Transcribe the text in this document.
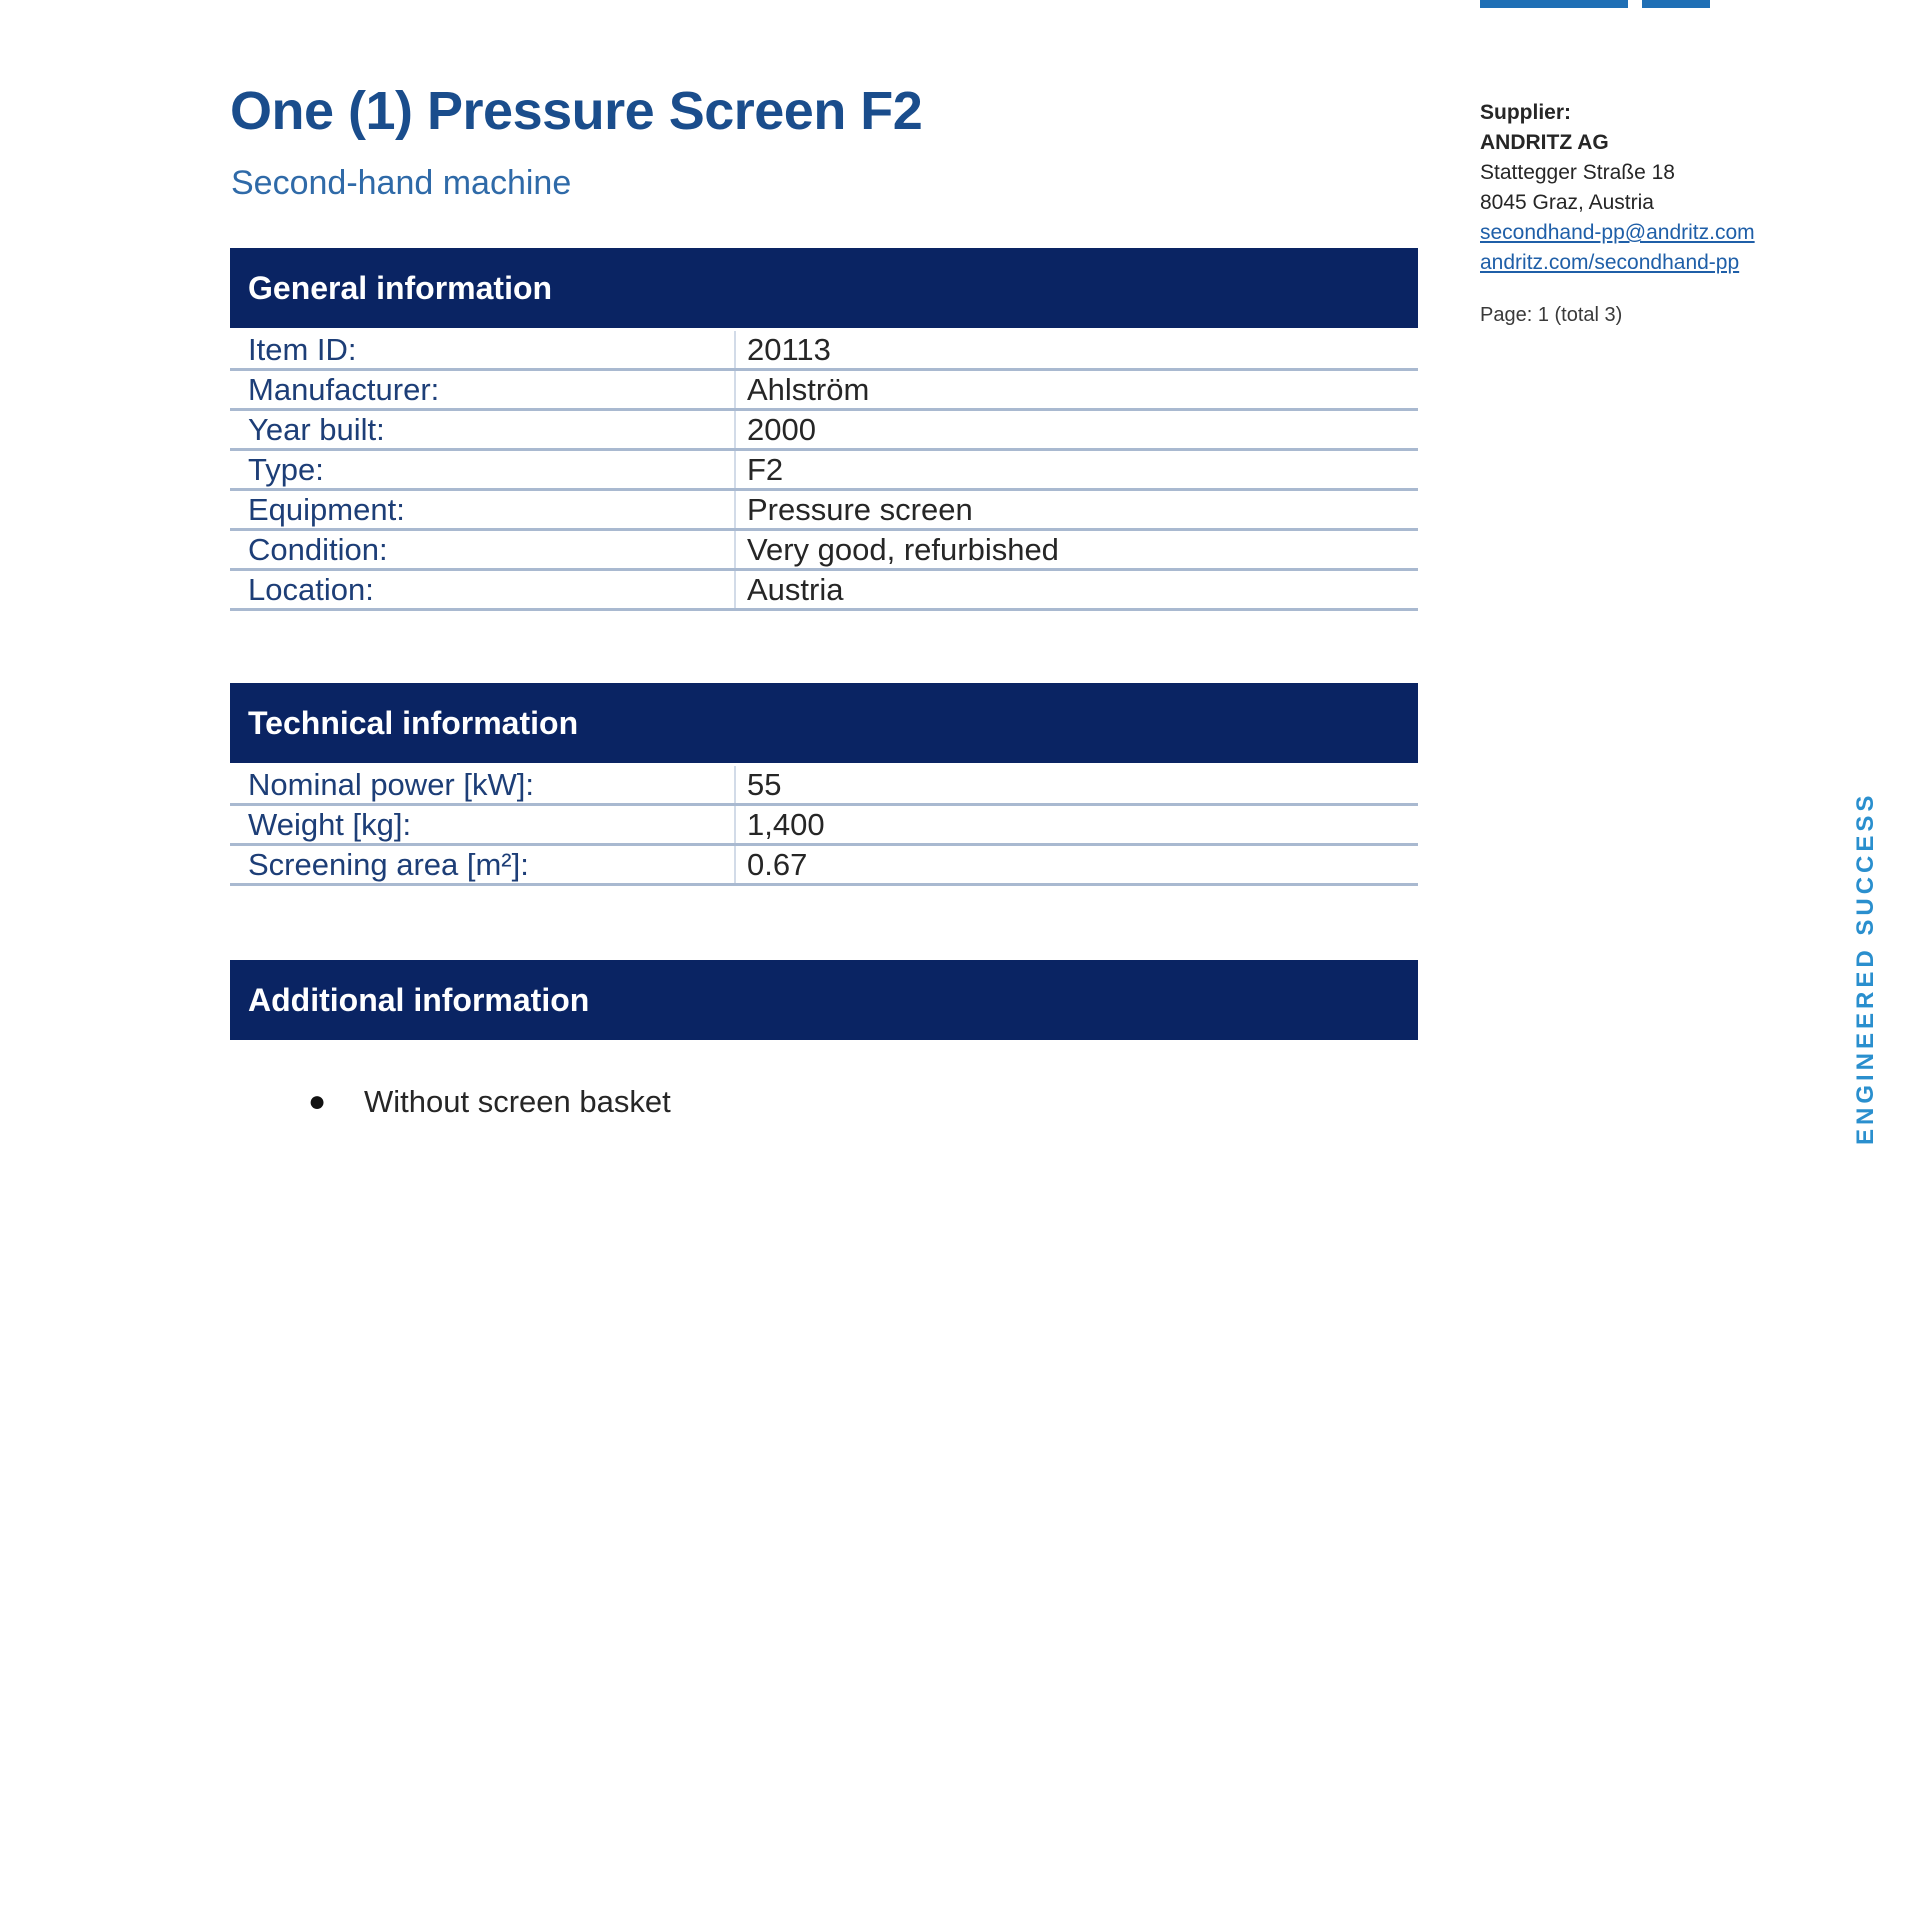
One (1) Pressure Screen F2
Second-hand machine
General information
Item ID:	20113
Manufacturer:	Ahlström
Year built:	2000
Type:	F2
Equipment:	Pressure screen
Condition:	Very good, refurbished
Location:	Austria
Technical information
Nominal power [kW]:	55
Weight [kg]:	1,400
Screening area [m²]:	0.67
Additional information
● Without screen basket
Supplier:
ANDRITZ AG
Stattegger Straße 18
8045 Graz, Austria
secondhand-pp@andritz.com
andritz.com/secondhand-pp
Page: 1 (total 3)
ENGINEERED SUCCESS
